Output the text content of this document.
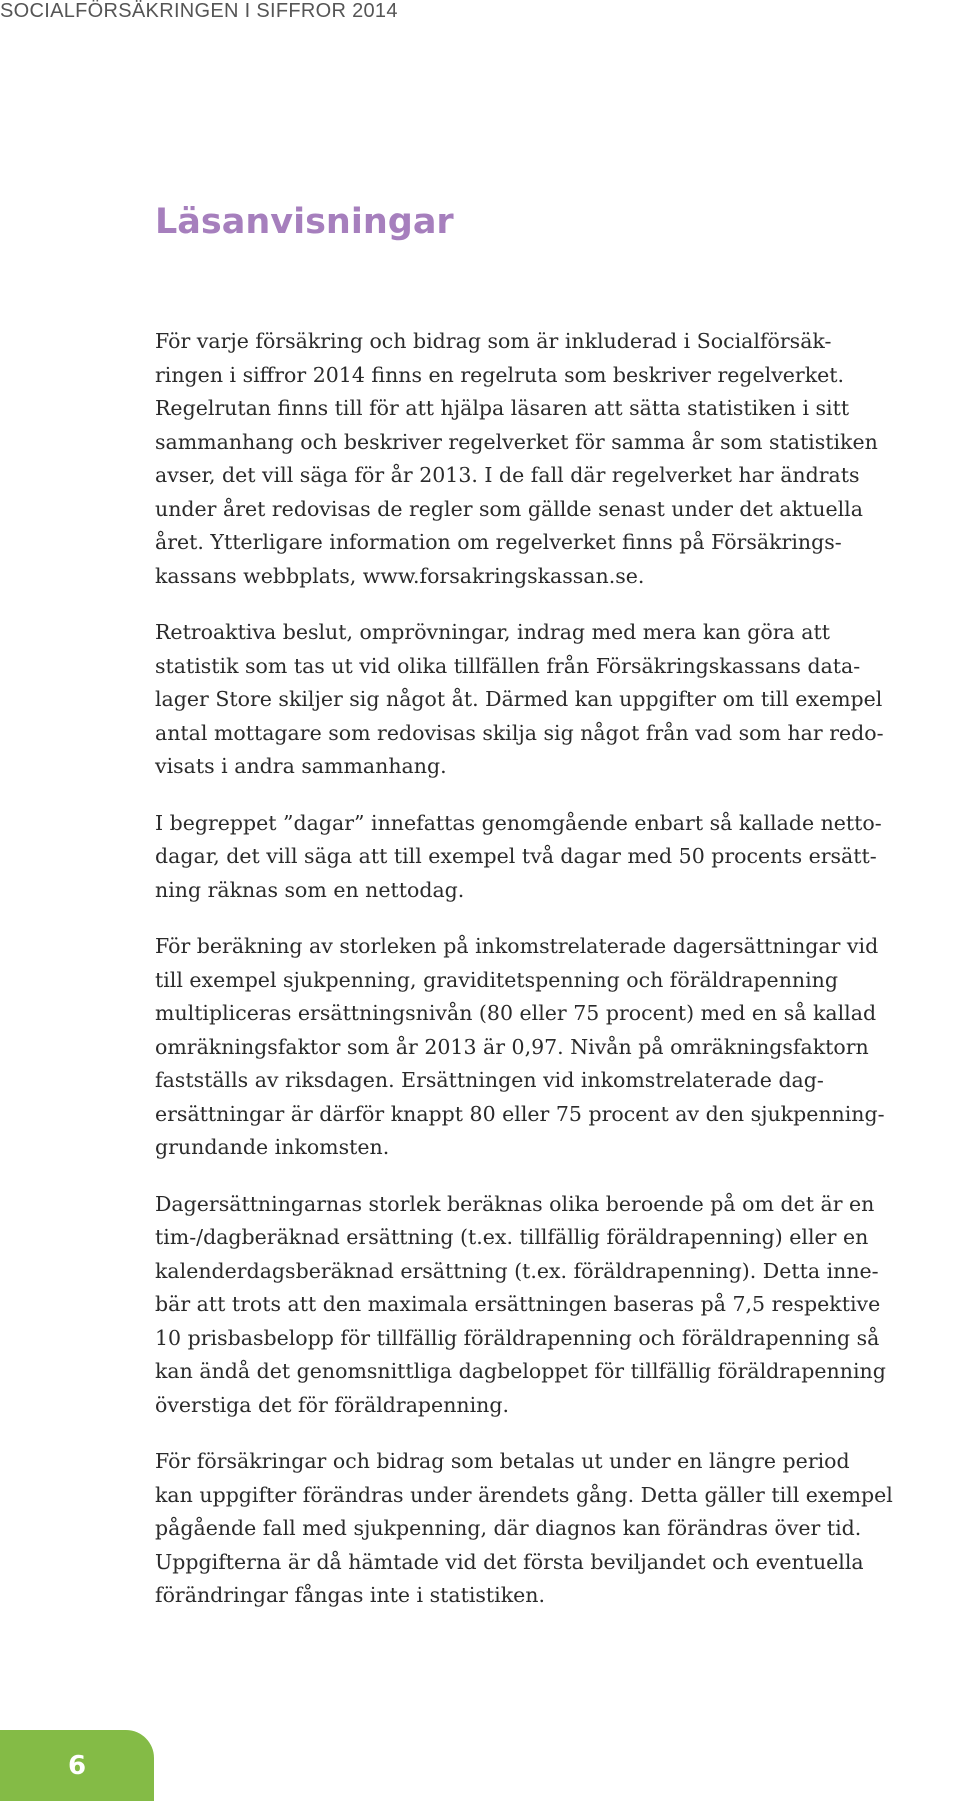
SOCIALFÖRSÄKRINGEN I SIFFROR 2014
Läsanvisningar

För varje försäkring och bidrag som är inkluderad i Socialförsäk-
ringen i siffror 2014 finns en regelruta som beskriver regelverket.
Regelrutan finns till för att hjälpa läsaren att sätta statistiken i sitt
sammanhang och beskriver regelverket för samma år som statistiken
avser, det vill säga för år 2013. I de fall där regelverket har ändrats
under året redovisas de regler som gällde senast under det aktuella
året. Ytterligare information om regelverket finns på Försäkrings-
kassans webbplats, www.forsakringskassan.se.

Retroaktiva beslut, omprövningar, indrag med mera kan göra att
statistik som tas ut vid olika tillfällen från Försäkringskassans data-
lager Store skiljer sig något åt. Därmed kan uppgifter om till exempel
antal mottagare som redovisas skilja sig något från vad som har redo-
visats i andra sammanhang.

I begreppet ”dagar” innefattas genomgående enbart så kallade netto-
dagar, det vill säga att till exempel två dagar med 50 procents ersätt-
ning räknas som en nettodag.

För beräkning av storleken på inkomstrelaterade dagersättningar vid
till exempel sjukpenning, graviditetspenning och föräldrapenning
multipliceras ersättningsnivån (80 eller 75 procent) med en så kallad
omräkningsfaktor som år 2013 är 0,97. Nivån på omräkningsfaktorn
fastställs av riksdagen. Ersättningen vid inkomstrelaterade dag-
ersättningar är därför knappt 80 eller 75 procent av den sjukpenning-
grundande inkomsten.

Dagersättningarnas storlek beräknas olika beroende på om det är en
tim-/dagberäknad ersättning (t.ex. tillfällig föräldrapenning) eller en
kalenderdagsberäknad ersättning (t.ex. föräldrapenning). Detta inne-
bär att trots att den maximala ersättningen baseras på 7,5 respektive
10 prisbasbelopp för tillfällig föräldrapenning och föräldrapenning så
kan ändå det genomsnittliga dagbeloppet för tillfällig föräldrapenning
överstiga det för föräldrapenning.

För försäkringar och bidrag som betalas ut under en längre period
kan uppgifter förändras under ärendets gång. Detta gäller till exempel
pågående fall med sjukpenning, där diagnos kan förändras över tid.
Uppgifterna är då hämtade vid det första beviljandet och eventuella
förändringar fångas inte i statistiken.

6
